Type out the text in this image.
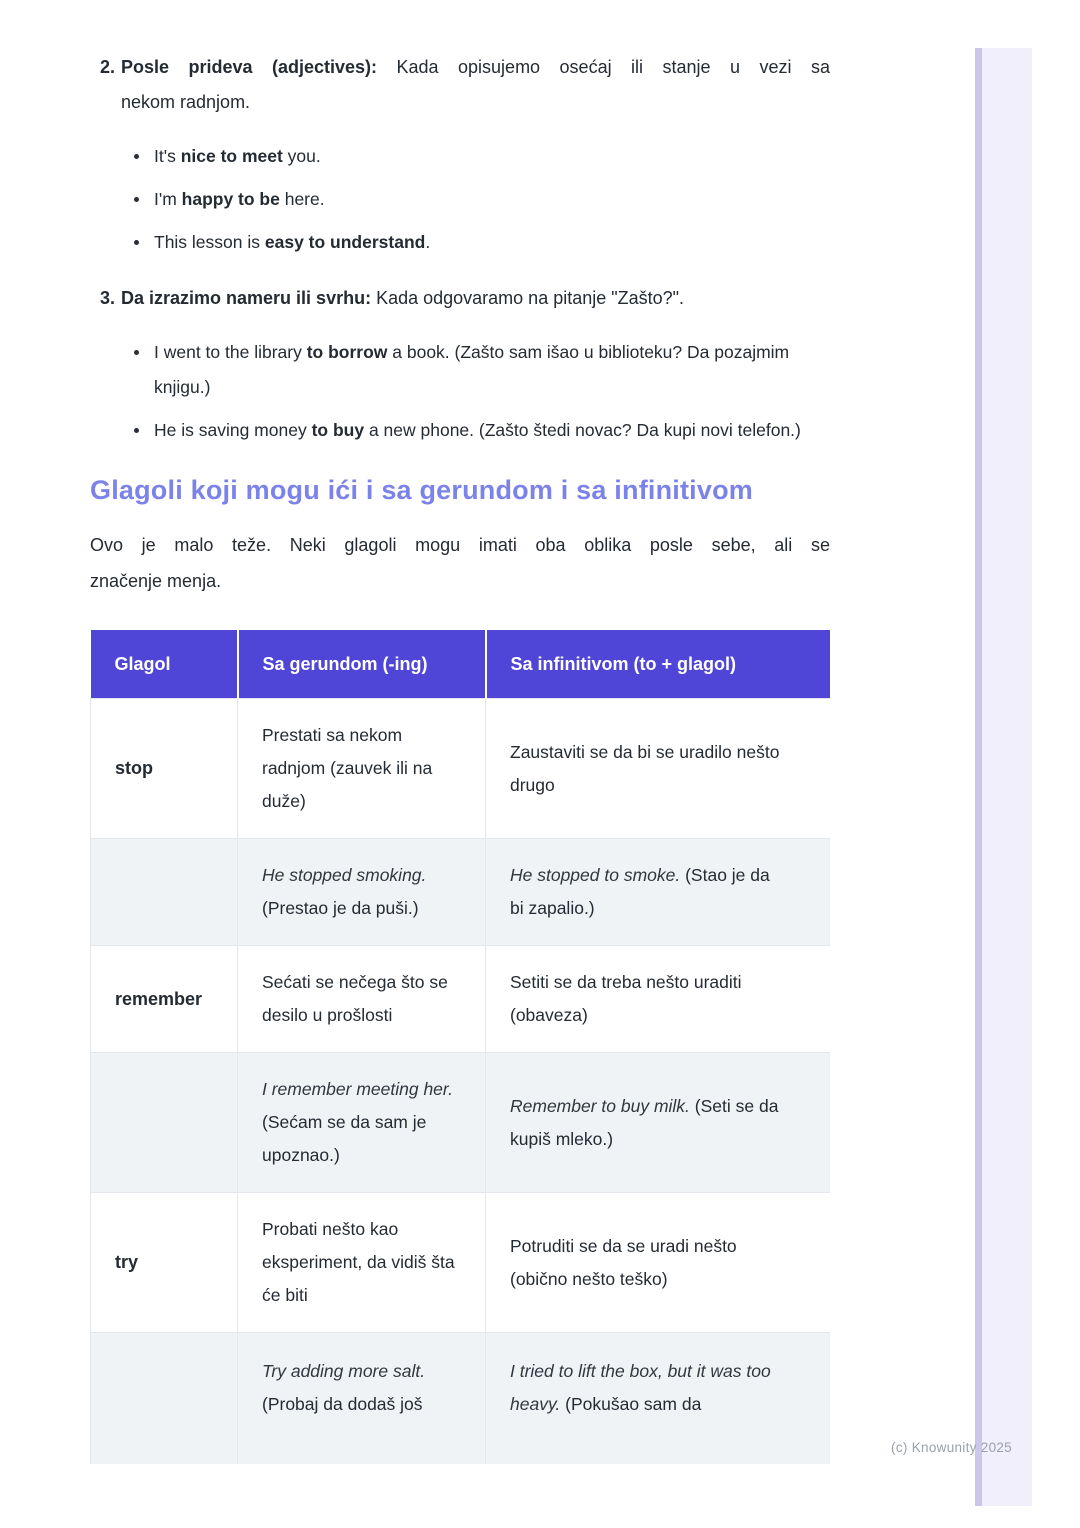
2. Posle prideva (adjectives): Kada opisujemo osećaj ili stanje u vezi sa
nekom radnjom.
It's nice to meet you.
I'm happy to be here.
This lesson is easy to understand.
3. Da izrazimo nameru ili svrhu: Kada odgovaramo na pitanje "Zašto?".
I went to the library to borrow a book. (Zašto sam išao u biblioteku? Da pozajmim knjigu.)
He is saving money to buy a new phone. (Zašto štedi novac? Da kupi novi telefon.)
Glagoli koji mogu ići i sa gerundom i sa infinitivom
Ovo je malo teže. Neki glagoli mogu imati oba oblika posle sebe, ali se
značenje menja.
Glagol	Sa gerundom (-ing)	Sa infinitivom (to + glagol)
stop	Prestati sa nekom radnjom (zauvek ili na duže)	Zaustaviti se da bi se uradilo nešto drugo
	He stopped smoking. (Prestao je da puši.)	He stopped to smoke. (Stao je da bi zapalio.)
remember	Sećati se nečega što se desilo u prošlosti	Setiti se da treba nešto uraditi (obaveza)
	I remember meeting her. (Sećam se da sam je upoznao.)	Remember to buy milk. (Seti se da kupiš mleko.)
try	Probati nešto kao eksperiment, da vidiš šta će biti	Potruditi se da se uradi nešto (obično nešto teško)
	Try adding more salt. (Probaj da dodaš još	I tried to lift the box, but it was too heavy. (Pokušao sam da
(c) Knowunity 2025
